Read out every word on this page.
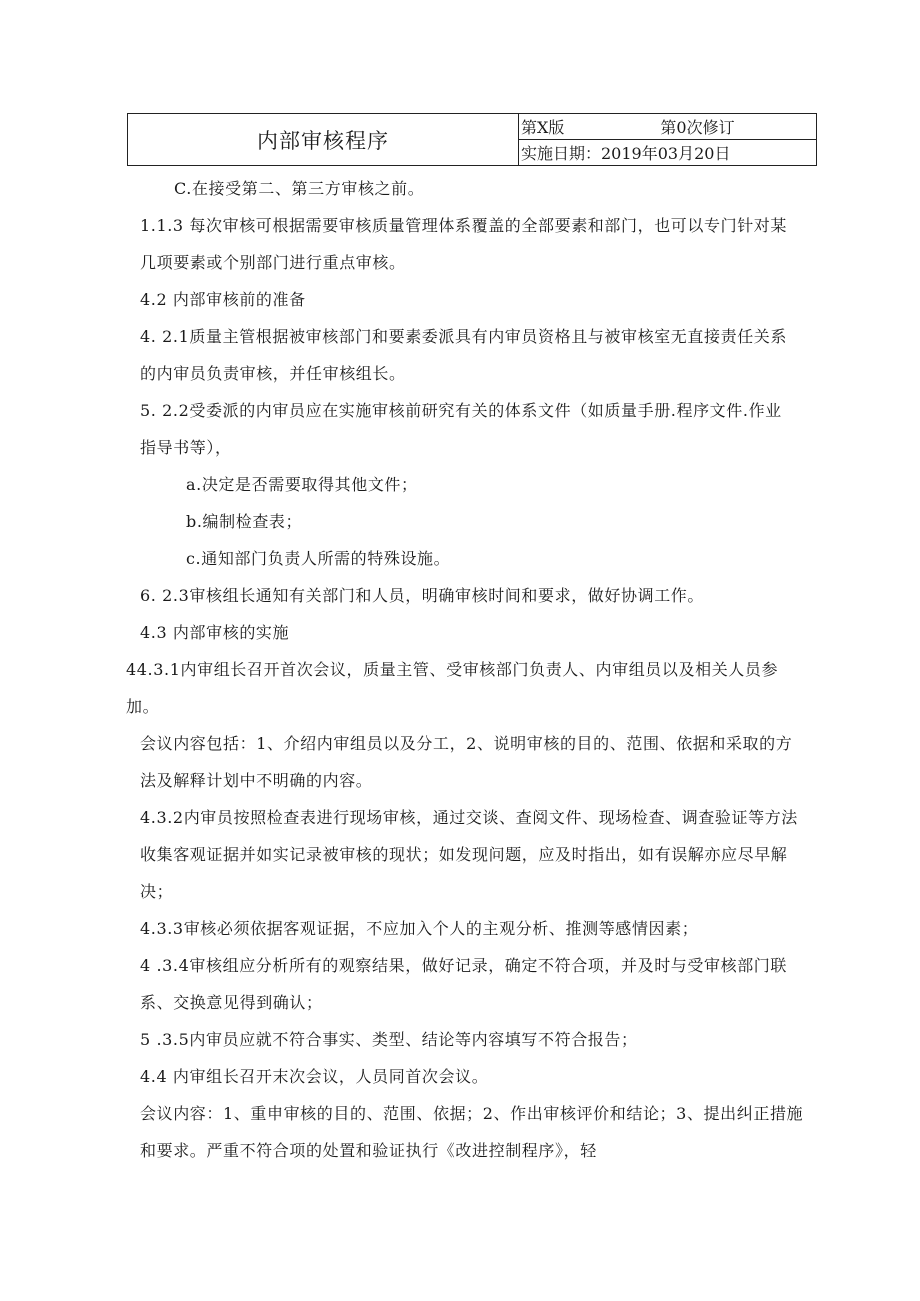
内部审核程序	第X版	第0次修订
实施日期：2019年03月20日
C.在接受第二、第三方审核之前。
1.1.3 每次审核可根据需要审核质量管理体系覆盖的全部要素和部门，也可以专门针对某
几项要素或个别部门进行重点审核。
4.2 内部审核前的准备
4. 2.1质量主管根据被审核部门和要素委派具有内审员资格且与被审核室无直接责任关系
的内审员负责审核，并任审核组长。
5. 2.2受委派的内审员应在实施审核前研究有关的体系文件（如质量手册.程序文件.作业
指导书等），
a.决定是否需要取得其他文件；
b.编制检查表；
c.通知部门负责人所需的特殊设施。
6. 2.3审核组长通知有关部门和人员，明确审核时间和要求，做好协调工作。
4.3 内部审核的实施
44.3.1内审组长召开首次会议，质量主管、受审核部门负责人、内审组员以及相关人员参
加。
会议内容包括：1、介绍内审组员以及分工，2、说明审核的目的、范围、依据和采取的方
法及解释计划中不明确的内容。
4.3.2内审员按照检查表进行现场审核，通过交谈、查阅文件、现场检查、调查验证等方法
收集客观证据并如实记录被审核的现状；如发现问题，应及时指出，如有误解亦应尽早解
决；
4.3.3审核必须依据客观证据，不应加入个人的主观分析、推测等感情因素；
4 .3.4审核组应分析所有的观察结果，做好记录，确定不符合项，并及时与受审核部门联
系、交换意见得到确认；
5 .3.5内审员应就不符合事实、类型、结论等内容填写不符合报告；
4.4 内审组长召开末次会议，人员同首次会议。
会议内容：1、重申审核的目的、范围、依据；2、作出审核评价和结论；3、提出纠正措施
和要求。严重不符合项的处置和验证执行《改进控制程序》，轻
